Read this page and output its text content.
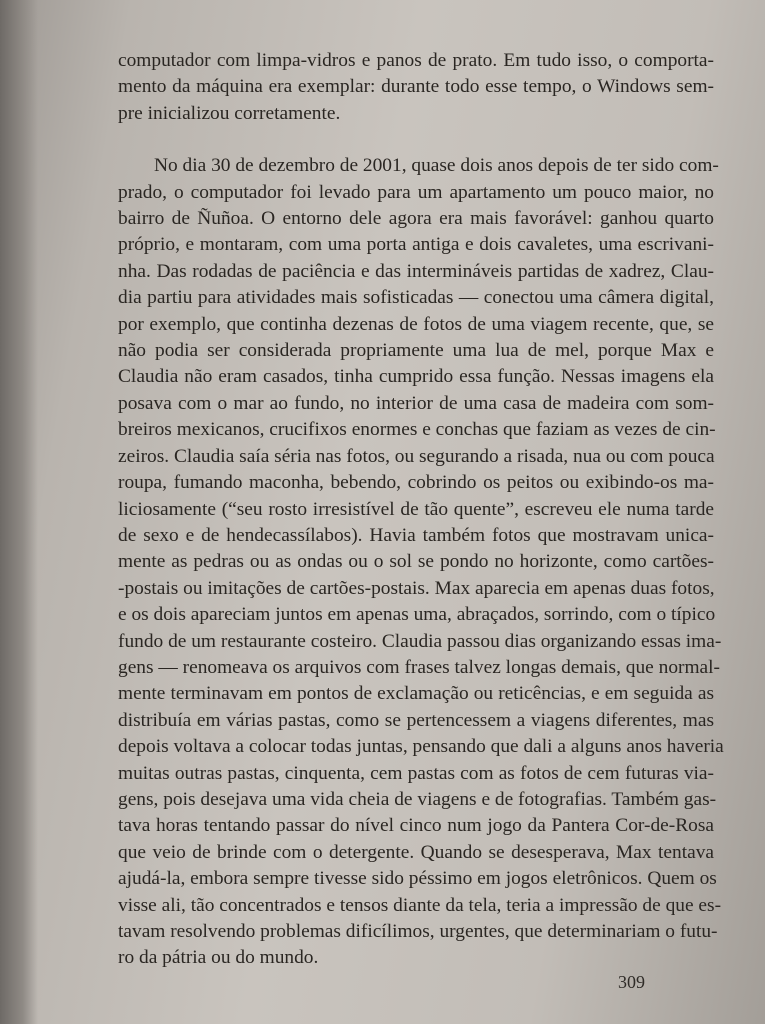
computador com limpa-vidros e panos de prato. Em tudo isso, o comporta-
mento da máquina era exemplar: durante todo esse tempo, o Windows sem-
pre inicializou corretamente.
No dia 30 de dezembro de 2001, quase dois anos depois de ter sido com-
prado, o computador foi levado para um apartamento um pouco maior, no
bairro de Ñuñoa. O entorno dele agora era mais favorável: ganhou quarto
próprio, e montaram, com uma porta antiga e dois cavaletes, uma escrivani-
nha. Das rodadas de paciência e das intermináveis partidas de xadrez, Clau-
dia partiu para atividades mais sofisticadas — conectou uma câmera digital,
por exemplo, que continha dezenas de fotos de uma viagem recente, que, se
não podia ser considerada propriamente uma lua de mel, porque Max e
Claudia não eram casados, tinha cumprido essa função. Nessas imagens ela
posava com o mar ao fundo, no interior de uma casa de madeira com som-
breiros mexicanos, crucifixos enormes e conchas que faziam as vezes de cin-
zeiros. Claudia saía séria nas fotos, ou segurando a risada, nua ou com pouca
roupa, fumando maconha, bebendo, cobrindo os peitos ou exibindo-os ma-
liciosamente (“seu rosto irresistível de tão quente”, escreveu ele numa tarde
de sexo e de hendecassílabos). Havia também fotos que mostravam unica-
mente as pedras ou as ondas ou o sol se pondo no horizonte, como cartões-
-postais ou imitações de cartões-postais. Max aparecia em apenas duas fotos,
e os dois apareciam juntos em apenas uma, abraçados, sorrindo, com o típico
fundo de um restaurante costeiro. Claudia passou dias organizando essas ima-
gens — renomeava os arquivos com frases talvez longas demais, que normal-
mente terminavam em pontos de exclamação ou reticências, e em seguida as
distribuía em várias pastas, como se pertencessem a viagens diferentes, mas
depois voltava a colocar todas juntas, pensando que dali a alguns anos haveria
muitas outras pastas, cinquenta, cem pastas com as fotos de cem futuras via-
gens, pois desejava uma vida cheia de viagens e de fotografias. Também gas-
tava horas tentando passar do nível cinco num jogo da Pantera Cor-de-Rosa
que veio de brinde com o detergente. Quando se desesperava, Max tentava
ajudá-la, embora sempre tivesse sido péssimo em jogos eletrônicos. Quem os
visse ali, tão concentrados e tensos diante da tela, teria a impressão de que es-
tavam resolvendo problemas dificílimos, urgentes, que determinariam o futu-
ro da pátria ou do mundo.
309
